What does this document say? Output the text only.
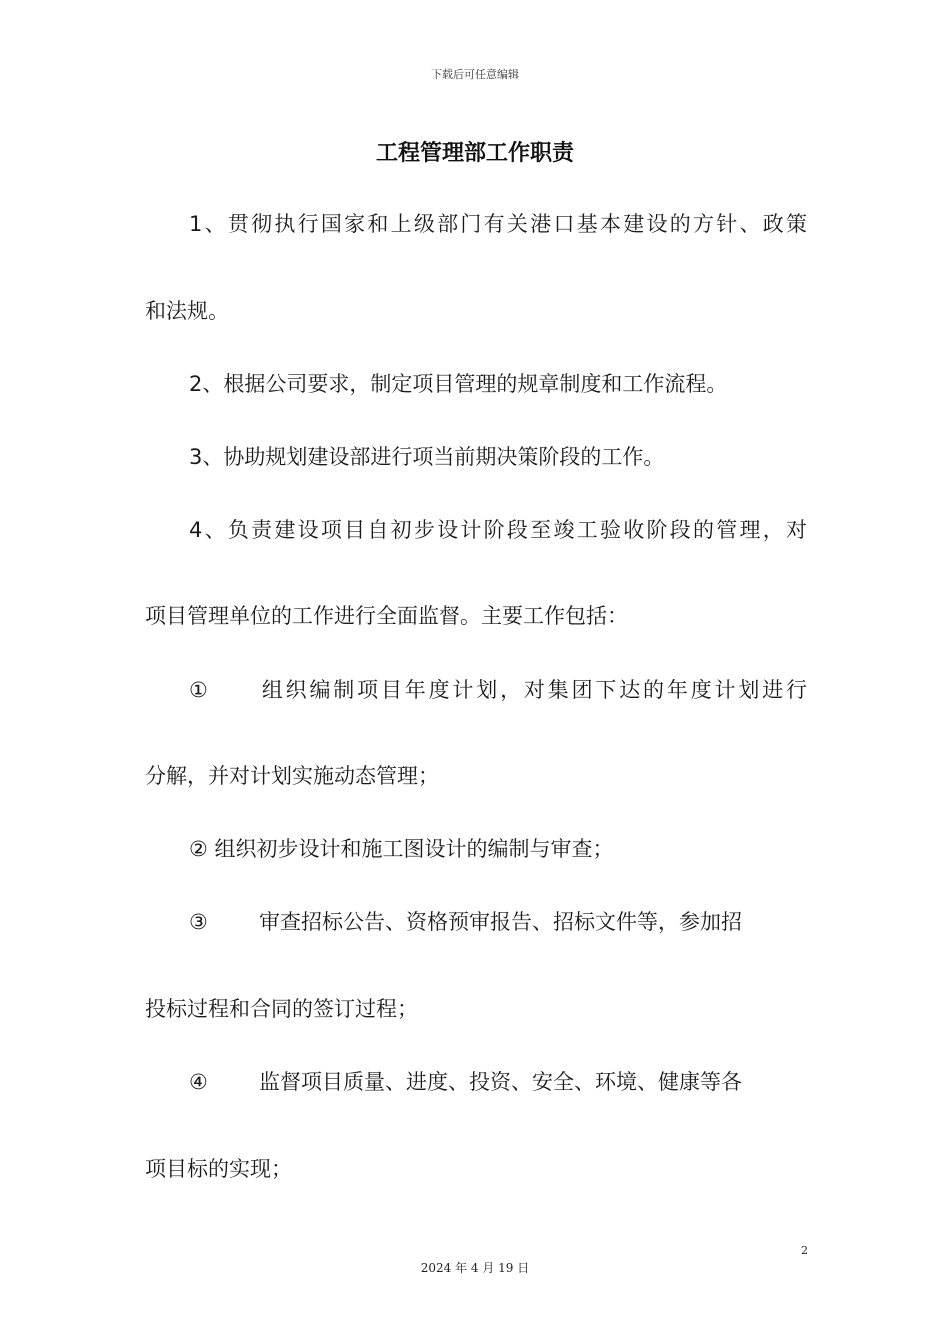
下载后可任意编辑
工程管理部工作职责
1、贯彻执行国家和上级部门有关港口基本建设的方针、政策
和法规。
2、根据公司要求，制定项目管理的规章制度和工作流程。
3、协助规划建设部进行项当前期决策阶段的工作。
4、负责建设项目自初步设计阶段至竣工验收阶段的管理，对
项目管理单位的工作进行全面监督。主要工作包括：
① 组织编制项目年度计划，对集团下达的年度计划进行
分解，并对计划实施动态管理；
② 组织初步设计和施工图设计的编制与审查；
③ 审查招标公告、资格预审报告、招标文件等，参加招
投标过程和合同的签订过程；
④ 监督项目质量、进度、投资、安全、环境、健康等各
项目标的实现；
2
2024 年 4 月 19 日
